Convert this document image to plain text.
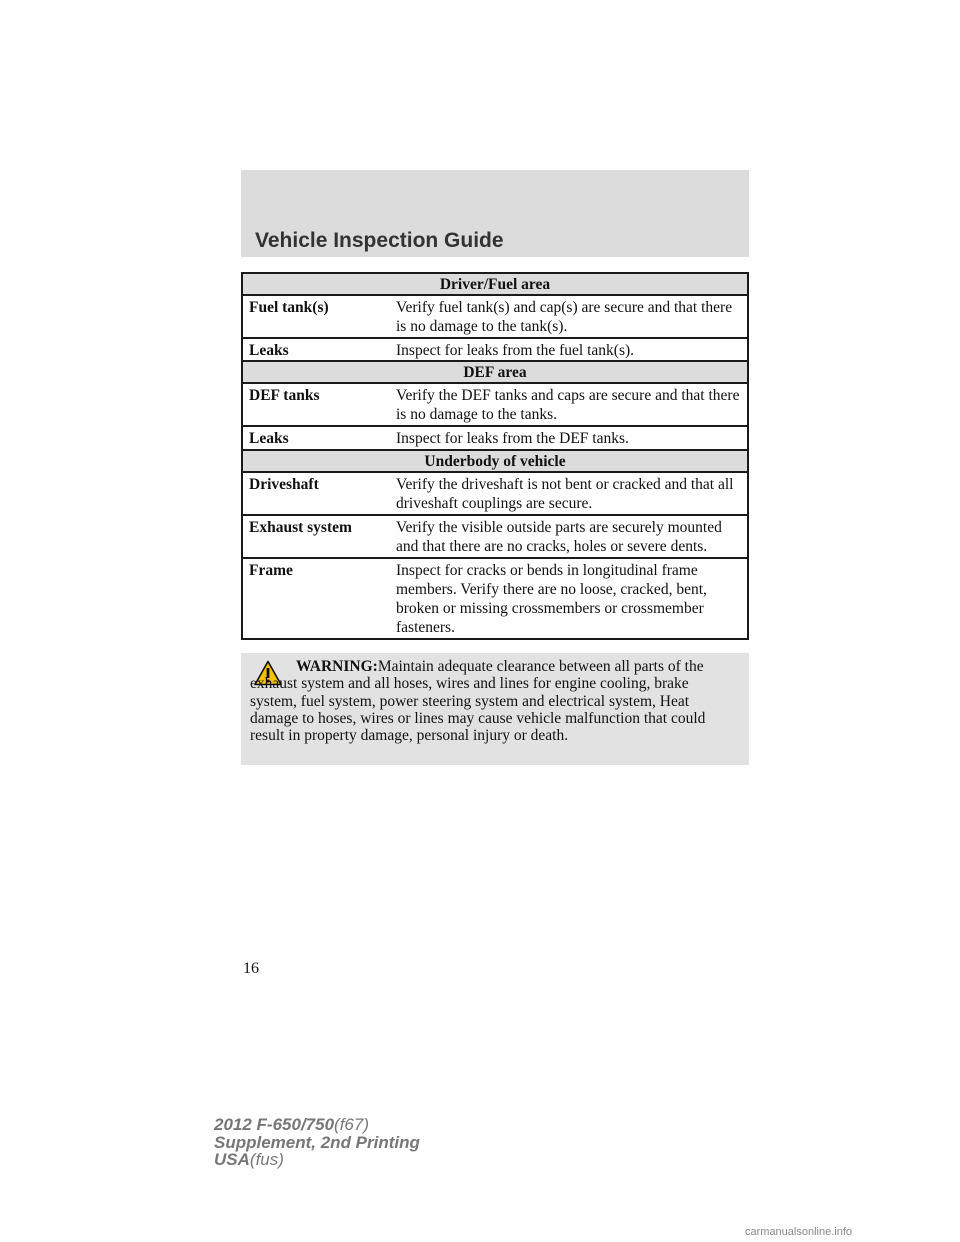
Vehicle Inspection Guide
Driver/Fuel area	
Fuel tank(s)	Verify fuel tank(s) and cap(s) are secure and that there is no damage to the tank(s).
Leaks	Inspect for leaks from the fuel tank(s).
DEF area	
DEF tanks	Verify the DEF tanks and caps are secure and that there is no damage to the tanks.
Leaks	Inspect for leaks from the DEF tanks.
Underbody of vehicle	
Driveshaft	Verify the driveshaft is not bent or cracked and that all driveshaft couplings are secure.
Exhaust system	Verify the visible outside parts are securely mounted and that there are no cracks, holes or severe dents.
Frame	Inspect for cracks or bends in longitudinal frame members. Verify there are no loose, cracked, bent, broken or missing crossmembers or crossmember fasteners.
WARNING:Maintain adequate clearance between all parts of the exhaust system and all hoses, wires and lines for engine cooling, brake system, fuel system, power steering system and electrical system, Heat damage to hoses, wires or lines may cause vehicle malfunction that could result in property damage, personal injury or death.
16
2012 F-650/750(f67)
Supplement, 2nd Printing
USA(fus)
carmanualsonline.info
